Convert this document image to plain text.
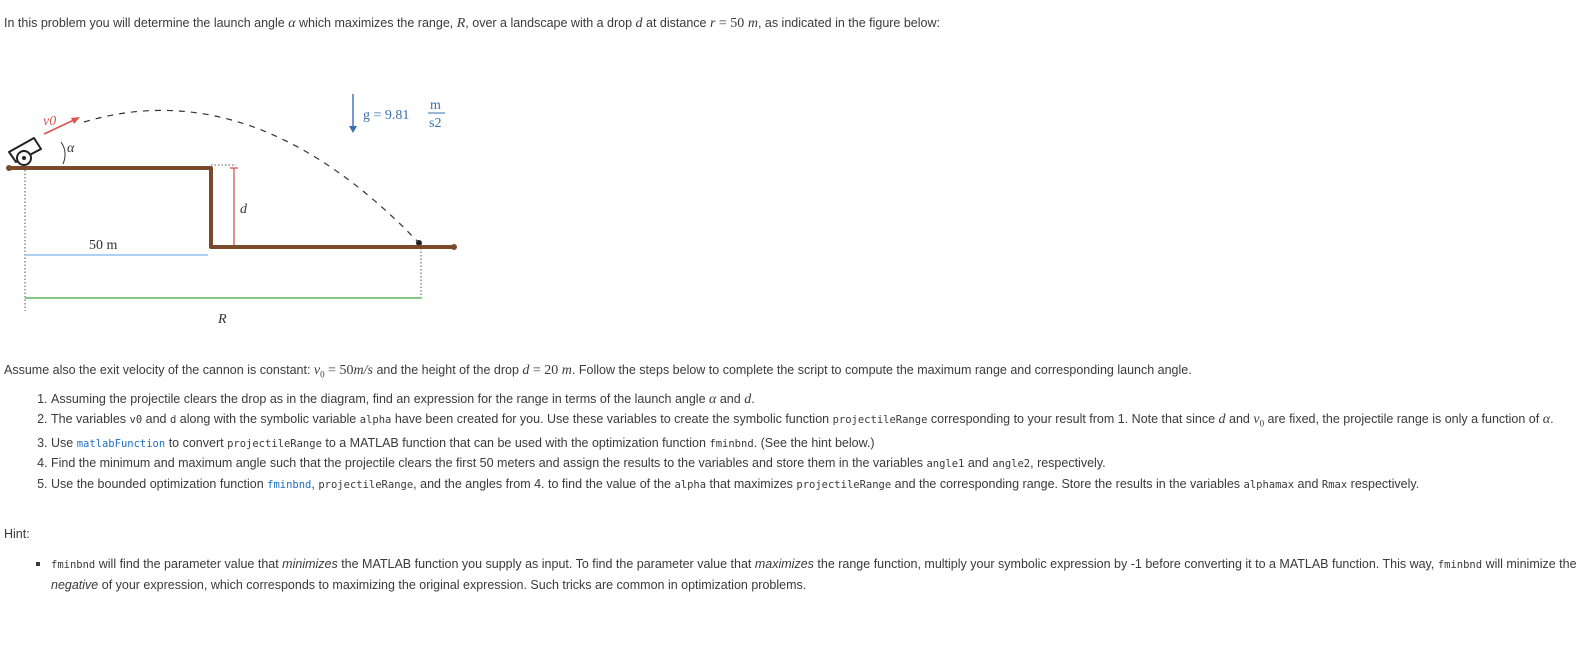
In this problem you will determine the launch angle α which maximizes the range, R, over a landscape with a drop d at distance r = 50 m, as indicated in the figure below:
d
v0
α
g = 9.81
m
s2
50 m
R
Assume also the exit velocity of the cannon is constant: $v_0 = 50m/s$ and the height of the drop d = 20 m. Follow the steps below to complete the script to compute the maximum range and corresponding launch angle.
1. Assuming the projectile clears the drop as in the diagram, find an expression for the range in terms of the launch angle α and d.
2. The variables v0 and d along with the symbolic variable alpha have been created for you. Use these variables to create the symbolic function projectileRange corresponding to your result from 1. Note that since d and $v_0$ are fixed, the projectile range is only a function of α.
3. Use matlabFunction to convert projectileRange to a MATLAB function that can be used with the optimization function fminbnd. (See the hint below.)
4. Find the minimum and maximum angle such that the projectile clears the first 50 meters and assign the results to the variables and store them in the variables angle1 and angle2, respectively.
5. Use the bounded optimization function fminbnd, projectileRange, and the angles from 4. to find the value of the alpha that maximizes projectileRange and the corresponding range. Store the results in the variables alphamax and Rmax respectively.
Hint:
fminbnd will find the parameter value that minimizes the MATLAB function you supply as input. To find the parameter value that maximizes the range function, multiply your symbolic expression by -1 before converting it to a MATLAB function. This way, fminbnd will minimize the negative of your expression, which corresponds to maximizing the original expression. Such tricks are common in optimization problems.
